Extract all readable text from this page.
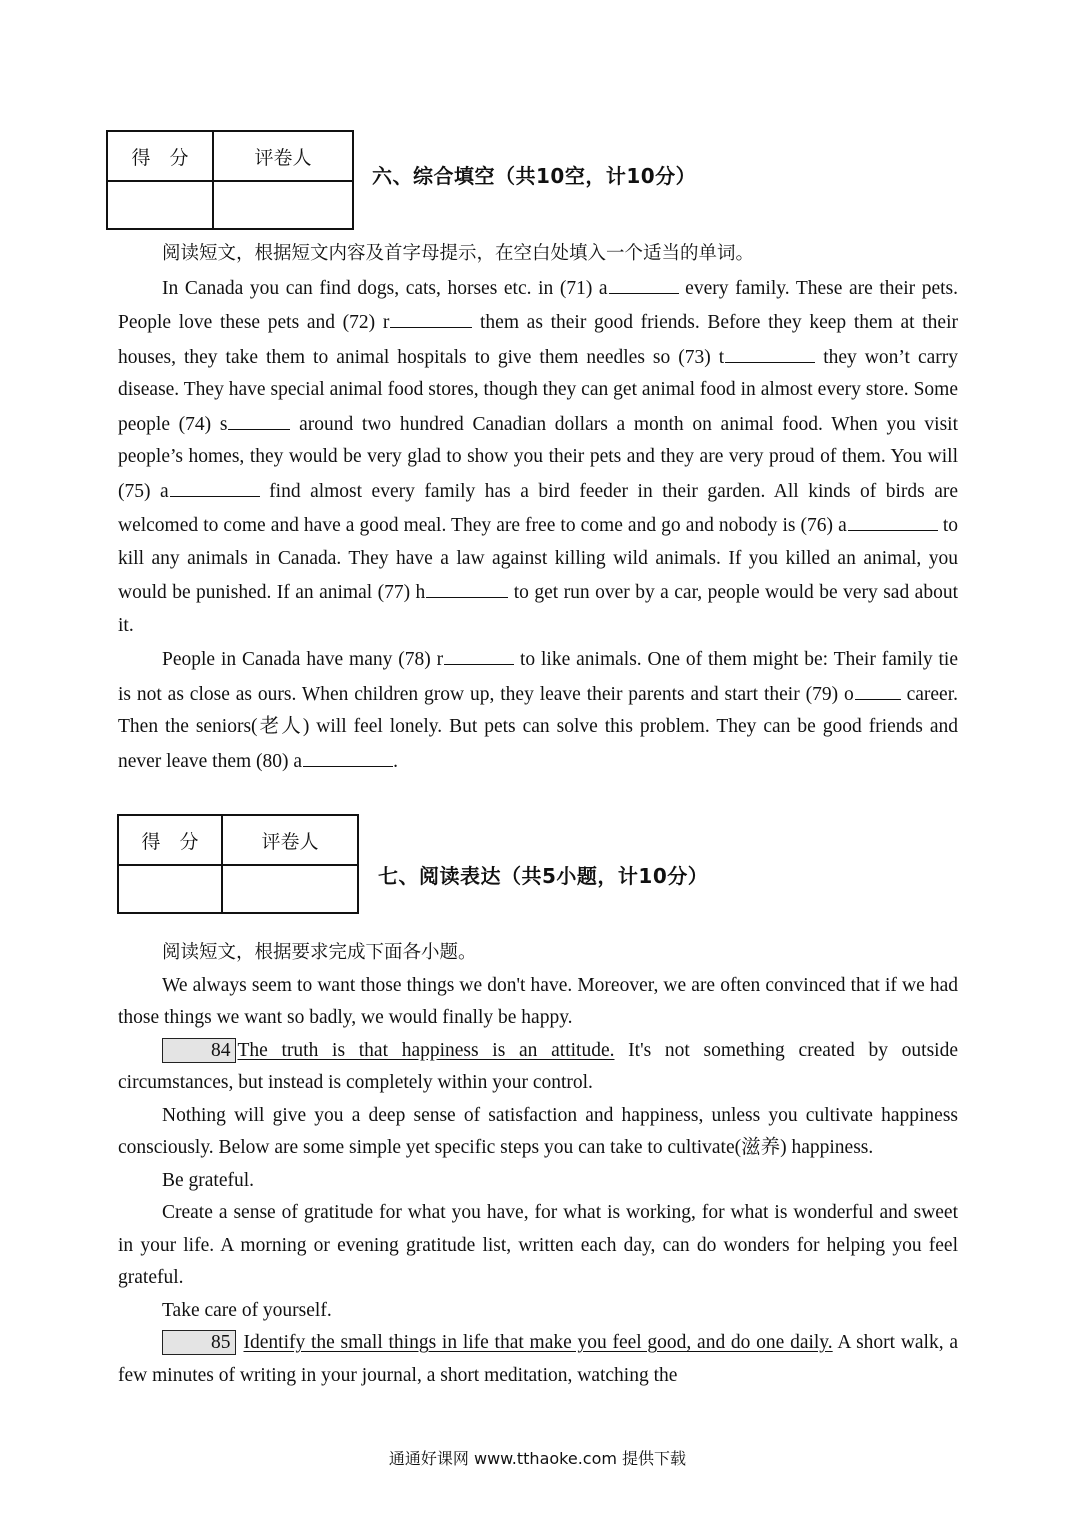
得　分	评卷人

六、综合填空（共10空，计10分）

阅读短文，根据短文内容及首字母提示，在空白处填入一个适当的单词。

In Canada you can find dogs, cats, horses etc. in (71) a	every family. These are their pets. People love these pets and (72) r	them as their good friends. Before they keep them at their houses, they take them to animal hospitals to give them needles so (73) t	they won’t carry disease. They have special animal food stores, though they can get animal food in almost every store. Some people (74) s	around two hundred Canadian dollars a month on animal food. When you visit people’s homes, they would be very glad to show you their pets and they are very proud of them. You will (75) a	find almost every family has a bird feeder in their garden. All kinds of birds are welcomed to come and have a good meal. They are free to come and go and nobody is (76) a	to kill any animals in Canada. They have a law against killing wild animals. If you killed an animal, you would be punished. If an animal (77) h	to get run over by a car, people would be very sad about it.

People in Canada have many (78) r	to like animals. One of them might be: Their family tie is not as close as ours. When children grow up, they leave their parents and start their (79) o career. Then the seniors(老人) will feel lonely. But pets can solve this problem. They can be good friends and never leave them (80) a	.

得　分	评卷人

七、阅读表达（共5小题，计10分）

阅读短文，根据要求完成下面各小题。

We always seem to want those things we don't have. Moreover, we are often convinced that if we had those things we want so badly, we would finally be happy.

84 The truth is that happiness is an attitude. It's not something created by outside circumstances, but instead is completely within your control.

Nothing will give you a deep sense of satisfaction and happiness, unless you cultivate happiness consciously. Below are some simple yet specific steps you can take to cultivate(滋养) happiness.

Be grateful.

Create a sense of gratitude for what you have, for what is working, for what is wonderful and sweet in your life. A morning or evening gratitude list, written each day, can do wonders for helping you feel grateful.

Take care of yourself.

85 Identify the small things in life that make you feel good, and do one daily. A short walk, a few minutes of writing in your journal, a short meditation, watching the

通通好课网 www.tthaoke.com 提供下载
